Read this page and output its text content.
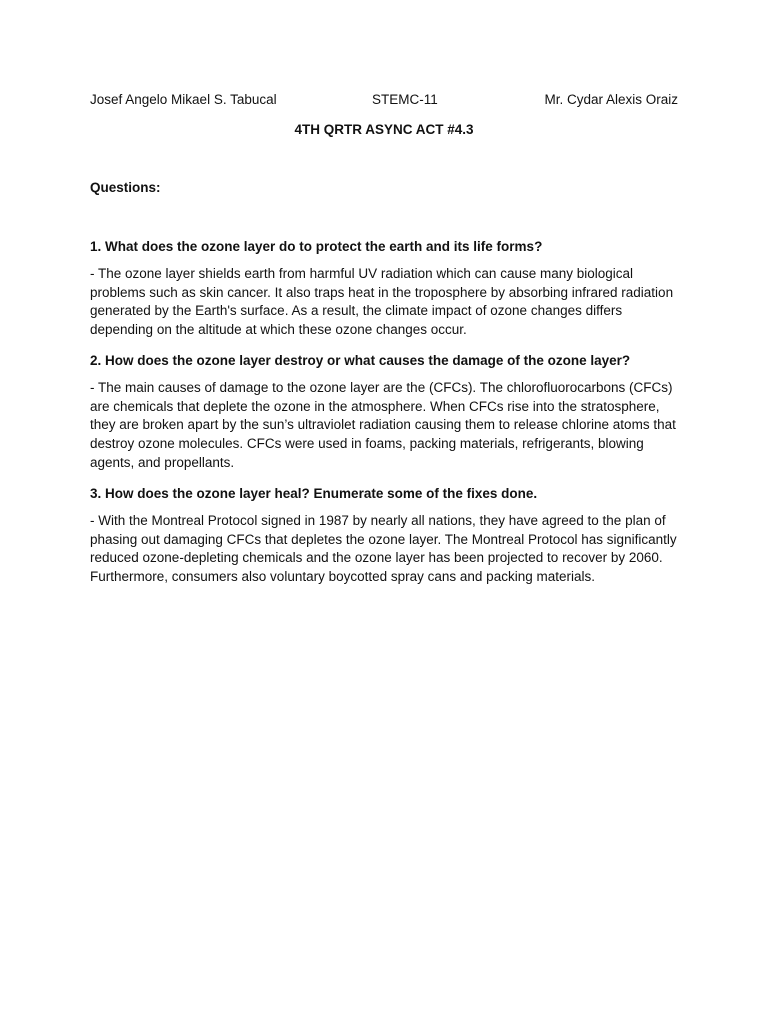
Josef Angelo Mikael S. Tabucal	STEMC-11	Mr. Cydar Alexis Oraiz
4TH QRTR ASYNC ACT #4.3
Questions:

1. What does the ozone layer do to protect the earth and its life forms?

- The ozone layer shields earth from harmful UV radiation which can cause many biological problems such as skin cancer. It also traps heat in the troposphere by absorbing infrared radiation generated by the Earth's surface. As a result, the climate impact of ozone changes differs depending on the altitude at which these ozone changes occur.

2. How does the ozone layer destroy or what causes the damage of the ozone layer?

- The main causes of damage to the ozone layer are the (CFCs). The chlorofluorocarbons (CFCs) are chemicals that deplete the ozone in the atmosphere. When CFCs rise into the stratosphere, they are broken apart by the sun’s ultraviolet radiation causing them to release chlorine atoms that destroy ozone molecules. CFCs were used in foams, packing materials, refrigerants, blowing agents, and propellants.

3. How does the ozone layer heal? Enumerate some of the fixes done.

- With the Montreal Protocol signed in 1987 by nearly all nations, they have agreed to the plan of phasing out damaging CFCs that depletes the ozone layer. The Montreal Protocol has significantly reduced ozone-depleting chemicals and the ozone layer has been projected to recover by 2060. Furthermore, consumers also voluntary boycotted spray cans and packing materials.
